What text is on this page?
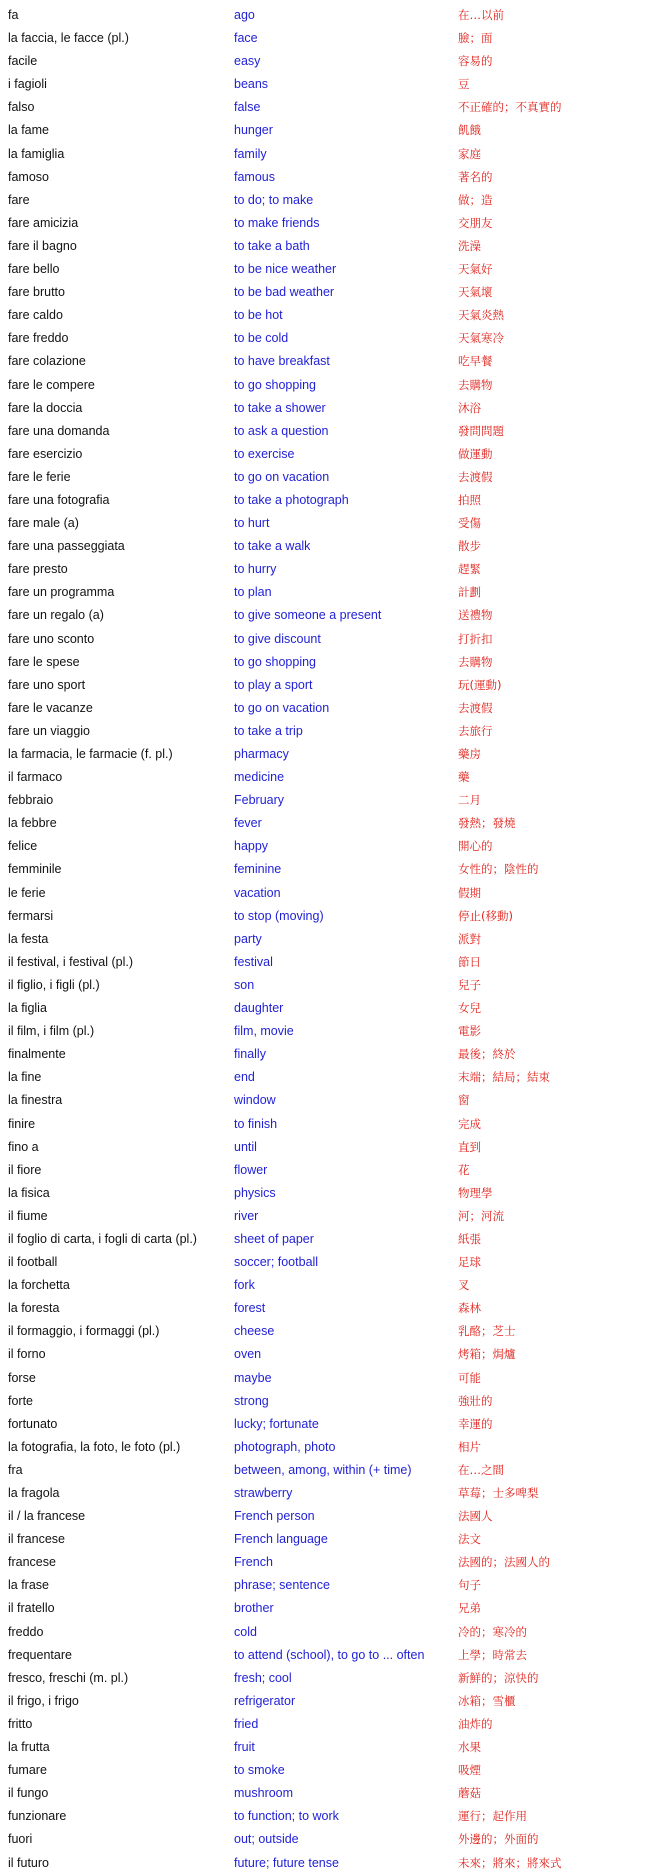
fa	ago	在…以前
la faccia, le facce (pl.)	face	臉；面
facile	easy	容易的
i fagioli	beans	豆
falso	false	不正確的；不真實的
la fame	hunger	飢餓
la famiglia	family	家庭
famoso	famous	著名的
fare	to do; to make	做；造
fare amicizia	to make friends	交朋友
fare il bagno	to take a bath	洗澡
fare bello	to be nice weather	天氣好
fare brutto	to be bad weather	天氣壞
fare caldo	to be hot	天氣炎熱
fare freddo	to be cold	天氣寒冷
fare colazione	to have breakfast	吃早餐
fare le compere	to go shopping	去購物
fare la doccia	to take a shower	沐浴
fare una domanda	to ask a question	發問問題
fare esercizio	to exercise	做運動
fare le ferie	to go on vacation	去渡假
fare una fotografia	to take a photograph	拍照
fare male (a)	to hurt	受傷
fare una passeggiata	to take a walk	散步
fare presto	to hurry	趕緊
fare un programma	to plan	計劃
fare un regalo (a)	to give someone a present	送禮物
fare uno sconto	to give discount	打折扣
fare le spese	to go shopping	去購物
fare uno sport	to play a sport	玩(運動)
fare le vacanze	to go on vacation	去渡假
fare un viaggio	to take a trip	去旅行
la farmacia, le farmacie (f. pl.)	pharmacy	藥房
il farmaco	medicine	藥
febbraio	February	二月
la febbre	fever	發熱；發燒
felice	happy	開心的
femminile	feminine	女性的；陰性的
le ferie	vacation	假期
fermarsi	to stop (moving)	停止(移動)
la festa	party	派對
il festival, i festival (pl.)	festival	節日
il figlio, i figli (pl.)	son	兒子
la figlia	daughter	女兒
il film, i film (pl.)	film, movie	電影
finalmente	finally	最後；終於
la fine	end	末端；結局；結束
la finestra	window	窗
finire	to finish	完成
fino a	until	直到
il fiore	flower	花
la fisica	physics	物理學
il fiume	river	河；河流
il foglio di carta, i fogli di carta (pl.)	sheet of paper	紙張
il football	soccer; football	足球
la forchetta	fork	叉
la foresta	forest	森林
il formaggio, i formaggi (pl.)	cheese	乳酪；芝士
il forno	oven	烤箱；焗爐
forse	maybe	可能
forte	strong	強壯的
fortunato	lucky; fortunate	幸運的
la fotografia, la foto, le foto (pl.)	photograph, photo	相片
fra	between, among, within (+ time)	在…之間
la fragola	strawberry	草莓；士多啤梨
il / la francese	French person	法國人
il francese	French language	法文
francese	French	法國的；法國人的
la frase	phrase; sentence	句子
il fratello	brother	兄弟
freddo	cold	冷的；寒冷的
frequentare	to attend (school), to go to ... often	上學；時常去
fresco, freschi (m. pl.)	fresh; cool	新鮮的；涼快的
il frigo, i frigo	refrigerator	冰箱；雪櫃
fritto	fried	油炸的
la frutta	fruit	水果
fumare	to smoke	吸煙
il fungo	mushroom	蘑菇
funzionare	to function; to work	運行；起作用
fuori	out; outside	外邊的；外面的
il futuro	future; future tense	未來；將來；將來式
